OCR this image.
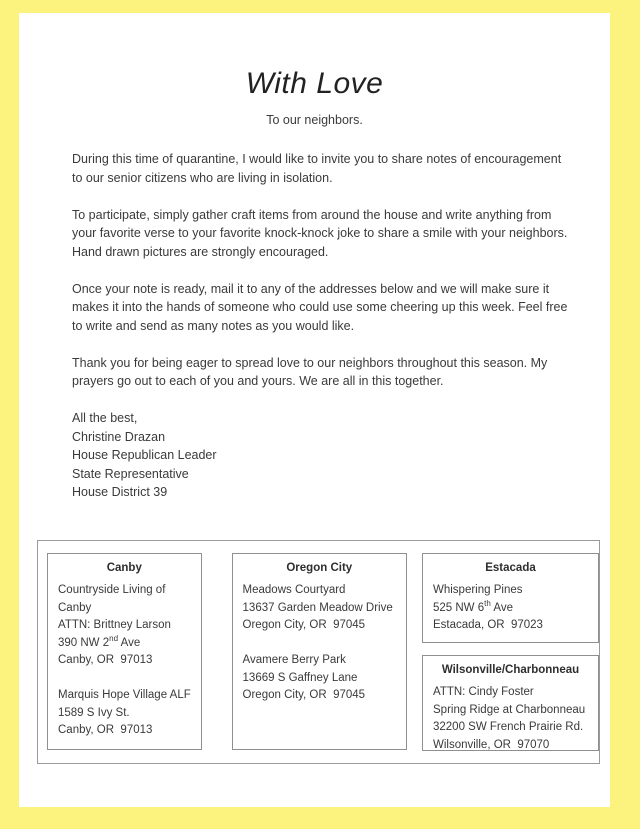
With Love
To our neighbors.

During this time of quarantine, I would like to invite you to share notes of encouragement to our senior citizens who are living in isolation.

To participate, simply gather craft items from around the house and write anything from your favorite verse to your favorite knock-knock joke to share a smile with your neighbors. Hand drawn pictures are strongly encouraged.

Once your note is ready, mail it to any of the addresses below and we will make sure it makes it into the hands of someone who could use some cheering up this week. Feel free to write and send as many notes as you would like.

Thank you for being eager to spread love to our neighbors throughout this season. My prayers go out to each of you and yours. We are all in this together.

All the best,
Christine Drazan
House Republican Leader
State Representative
House District 39
Canby
Countryside Living of Canby
ATTN: Brittney Larson
390 NW 2nd Ave
Canby, OR  97013
Marquis Hope Village ALF
1589 S Ivy St.
Canby, OR  97013
Oregon City
Meadows Courtyard
13637 Garden Meadow Drive
Oregon City, OR  97045
Avamere Berry Park
13669 S Gaffney Lane
Oregon City, OR  97045
Estacada
Whispering Pines
525 NW 6th Ave
Estacada, OR  97023
Wilsonville/Charbonneau
ATTN: Cindy Foster
Spring Ridge at Charbonneau
32200 SW French Prairie Rd.
Wilsonville, OR  97070
